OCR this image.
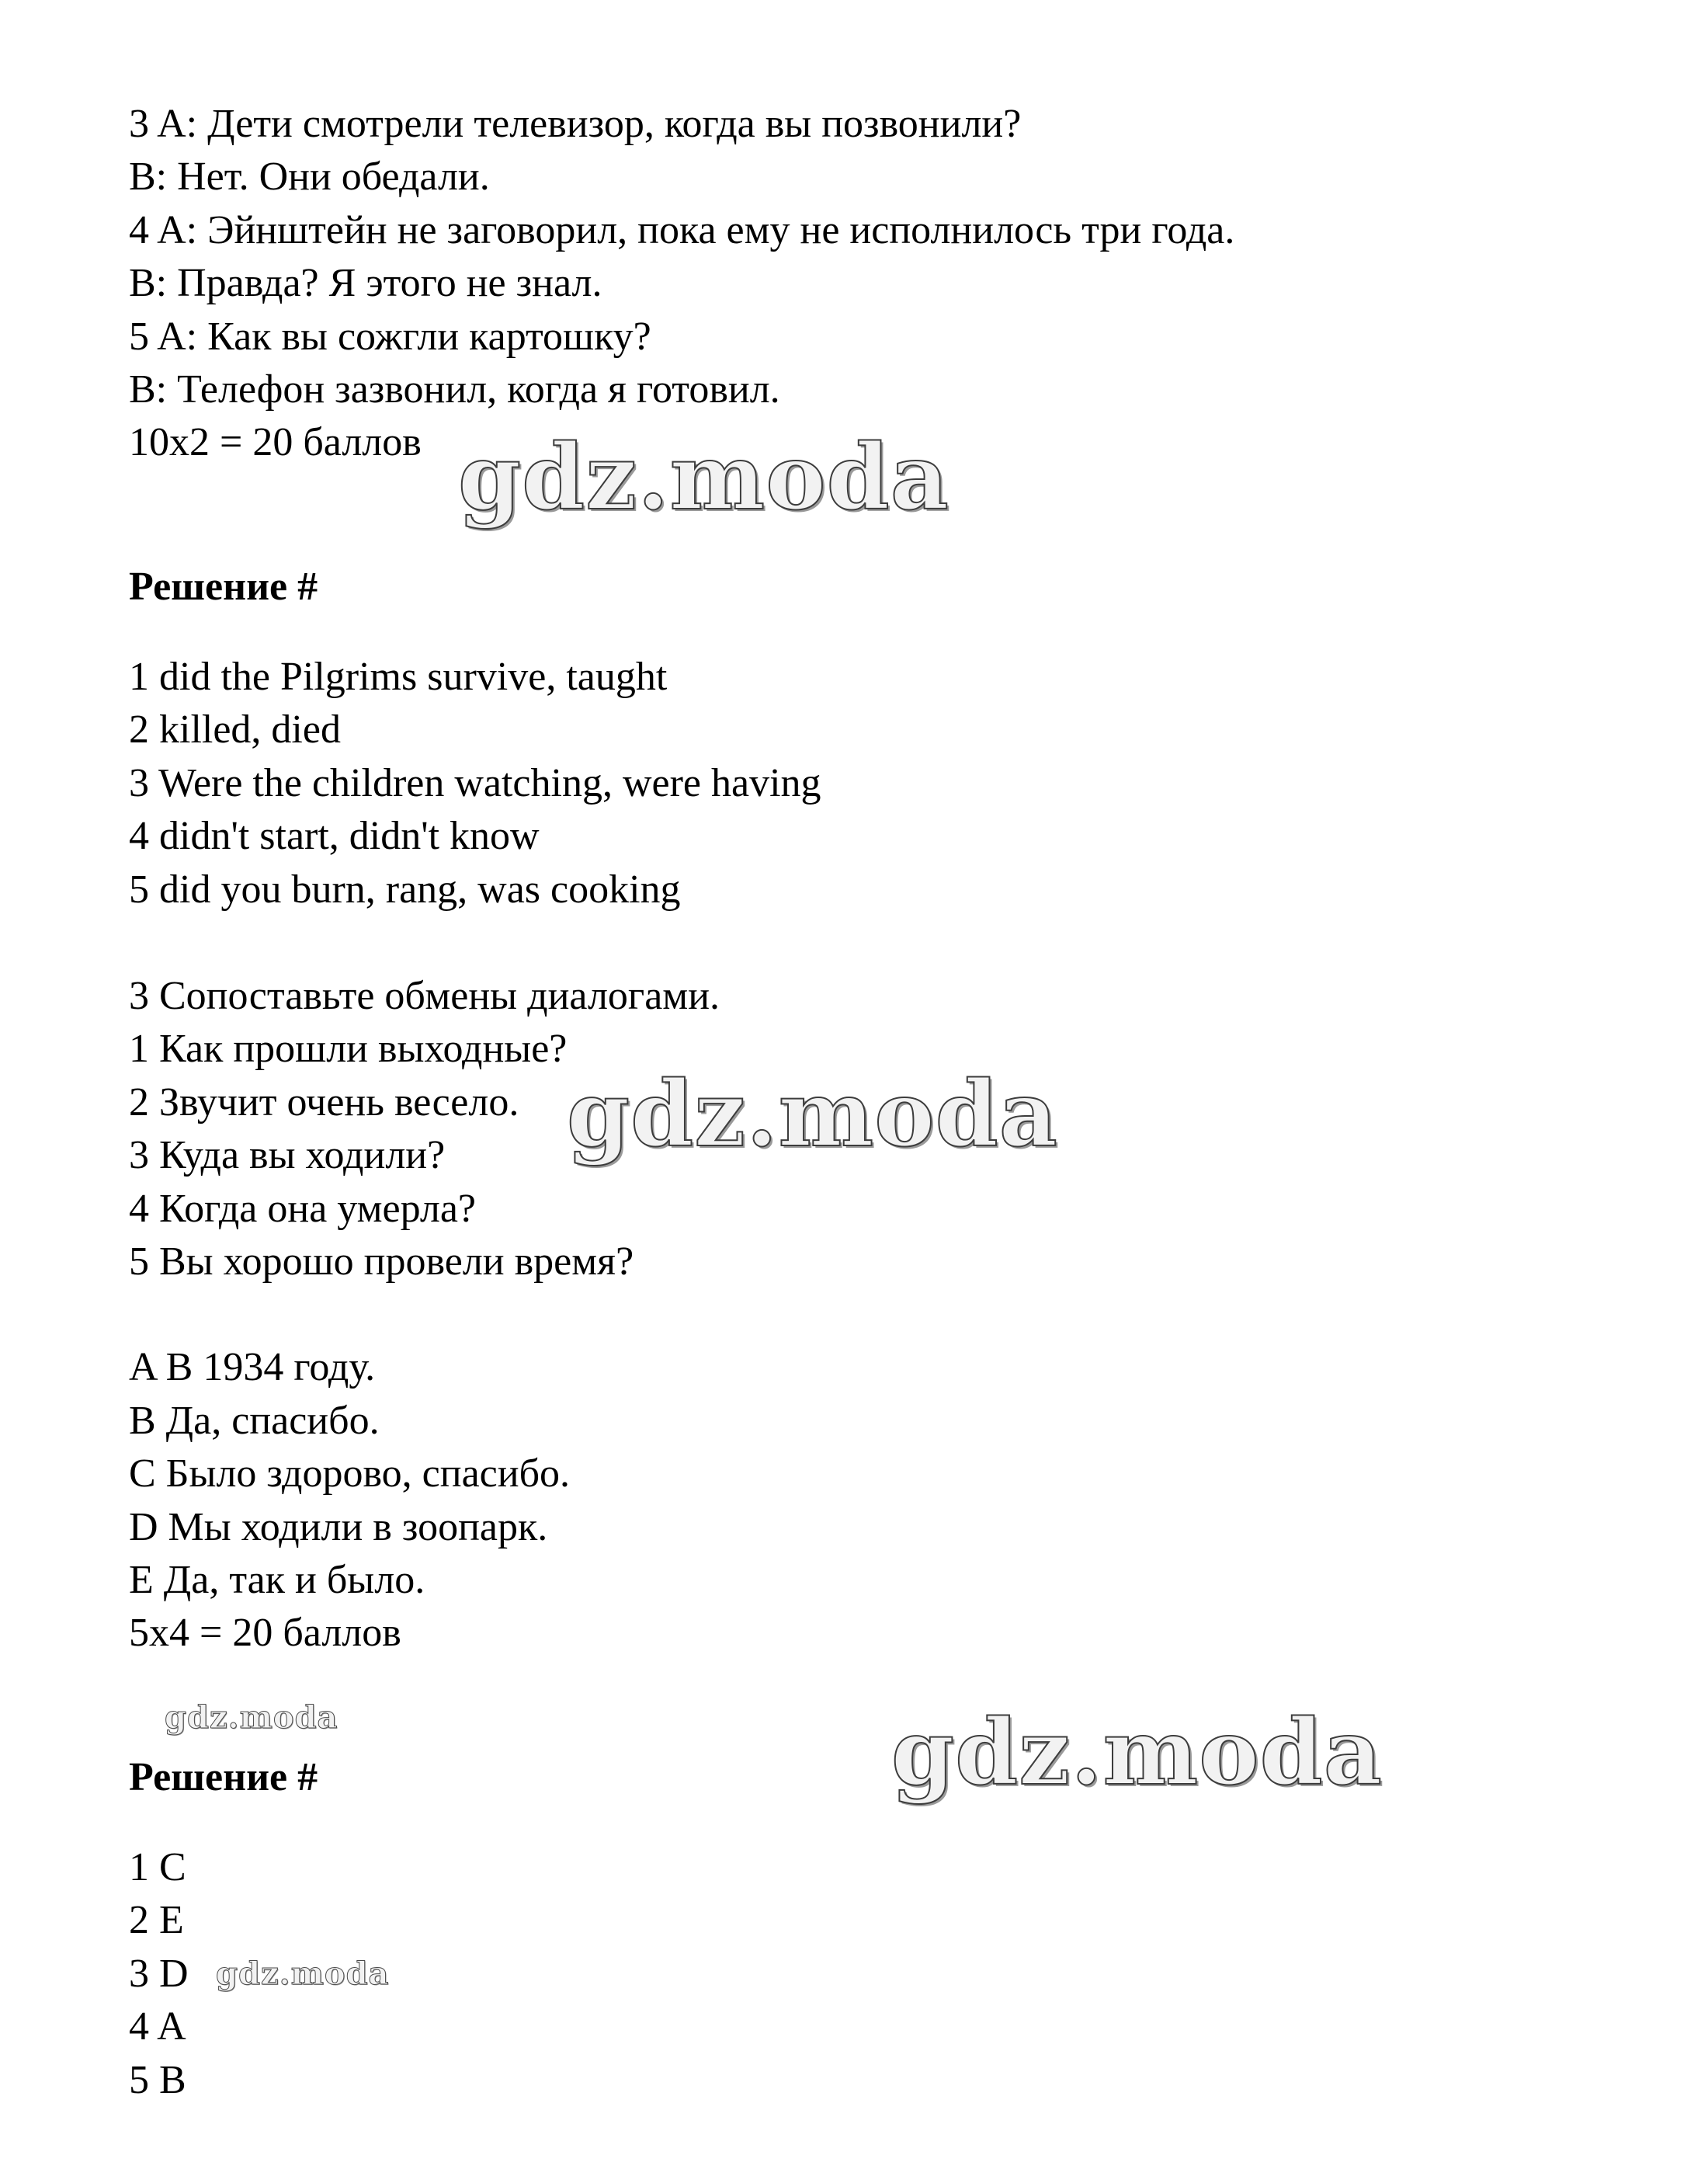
3 A: Дети смотрели телевизор, когда вы позвонили?
B: Нет. Они обедали.
4 A: Эйнштейн не заговорил, пока ему не исполнилось три года.
B: Правда? Я этого не знал.
5 A: Как вы сожгли картошку?
B: Телефон зазвонил, когда я готовил.
10x2 = 20 баллов
Решение #
1 did the Pilgrims survive, taught
2 killed, died
3 Were the children watching, were having
4 didn't start, didn't know
5 did you burn, rang, was cooking
3 Сопоставьте обмены диалогами.
1 Как прошли выходные?
2 Звучит очень весело.
3 Куда вы ходили?
4 Когда она умерла?
5 Вы хорошо провели время?
A В 1934 году.
B Да, спасибо.
C Было здорово, спасибо.
D Мы ходили в зоопарк.
E Да, так и было.
5x4 = 20 баллов
Решение #
1 C
2 E
3 D
4 A
5 B
gdz.moda
gdz.moda
gdz.moda
gdz.moda
gdz.moda
